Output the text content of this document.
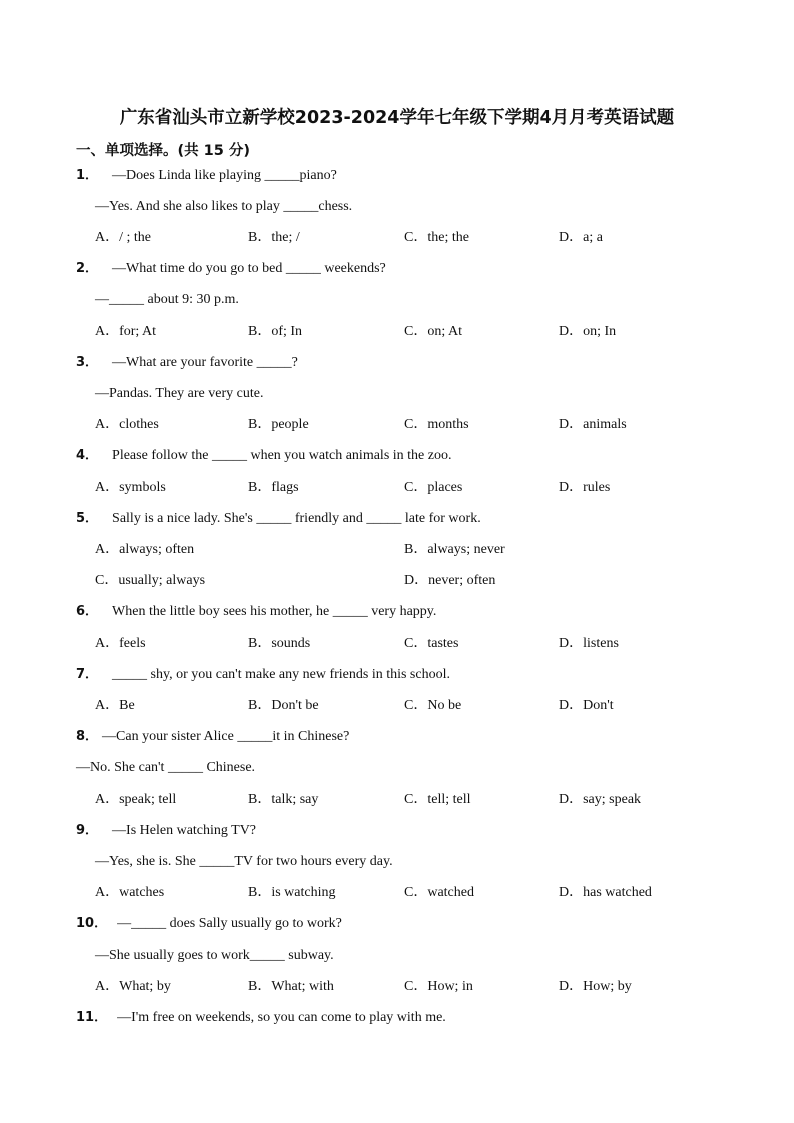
广东省汕头市立新学校2023-2024学年七年级下学期4月月考英语试题
一、单项选择。(共 15 分)
1． —Does Linda like playing _____piano?
—Yes. And she also likes to play _____chess.
A．/ ; the	B．the; /	C．the; the	D．a; a
2． —What time do you go to bed _____ weekends?
—_____ about 9: 30 p.m.
A．for; At	B．of; In	C．on; At	D．on; In
3． —What are your favorite _____?
—Pandas. They are very cute.
A．clothes	B．people	C．months	D．animals
4． Please follow the _____ when you watch animals in the zoo.
A．symbols	B．flags	C．places	D．rules
5． Sally is a nice lady. She's _____ friendly and _____ late for work.
A．always; often	B．always; never
C．usually; always	D．never; often
6． When the little boy sees his mother, he _____ very happy.
A．feels	B．sounds	C．tastes	D．listens
7． _____ shy, or you can't make any new friends in this school.
A．Be	B．Don't be	C．No be	D．Don't
8． —Can your sister Alice _____it in Chinese?
—No. She can't _____ Chinese.
A．speak; tell	B．talk; say	C．tell; tell	D．say; speak
9． —Is Helen watching TV?
—Yes, she is. She _____TV for two hours every day.
A．watches	B．is watching	C．watched	D．has watched
10． —_____ does Sally usually go to work?
—She usually goes to work_____ subway.
A．What; by	B．What; with	C．How; in	D．How; by
11． —I'm free on weekends, so you can come to play with me.
